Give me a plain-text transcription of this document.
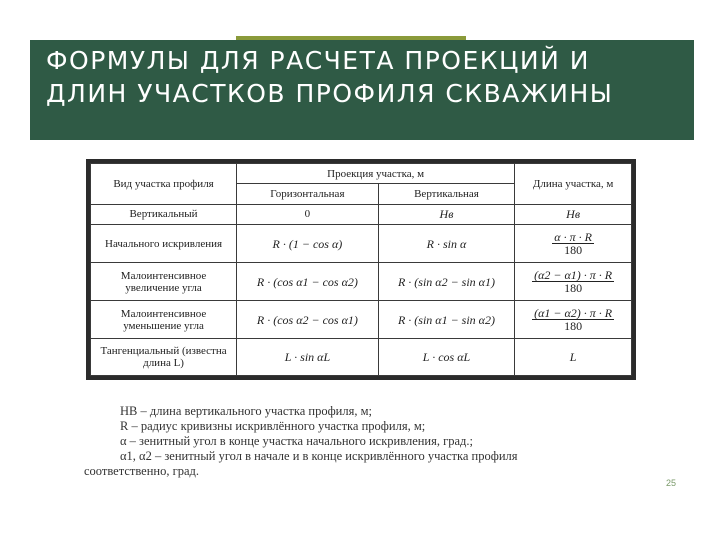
ФОРМУЛЫ ДЛЯ РАСЧЕТА ПРОЕКЦИЙ И ДЛИН УЧАСТКОВ ПРОФИЛЯ СКВАЖИНЫ
Вид участка профиля	Проекция участка, м		Длина участка, м
	Горизонтальная	Вертикальная	
Вертикальный	0	Нв	Нв
Начального искривления	R · (1 − cos α)	R · sin α	$\frac{\alpha \cdot \pi \cdot R}{180}$

Малоинтенсивное увеличение угла	R · (cos α1 − cos α2)	R · (sin α2 − sin α1)	$\frac{(\alpha 2 - \alpha 1) \cdot \pi \cdot R}{180}$

Малоинтенсивное уменьшение угла	R · (cos α2 − cos α1)	R · (sin α1 − sin α2)	$\frac{(\alpha 1 - \alpha 2) \cdot \pi \cdot R}{180}$

Тангенциальный (известна длина L)	L · sin αL	L · cos αL	L
НВ – длина вертикального участка профиля, м;
R – радиус кривизны искривлённого участка профиля, м;
α – зенитный угол в конце участка начального искривления, град.;
α1, α2 – зенитный угол в начале и в конце искривлённого участка профиля
соответственно, град.
25
